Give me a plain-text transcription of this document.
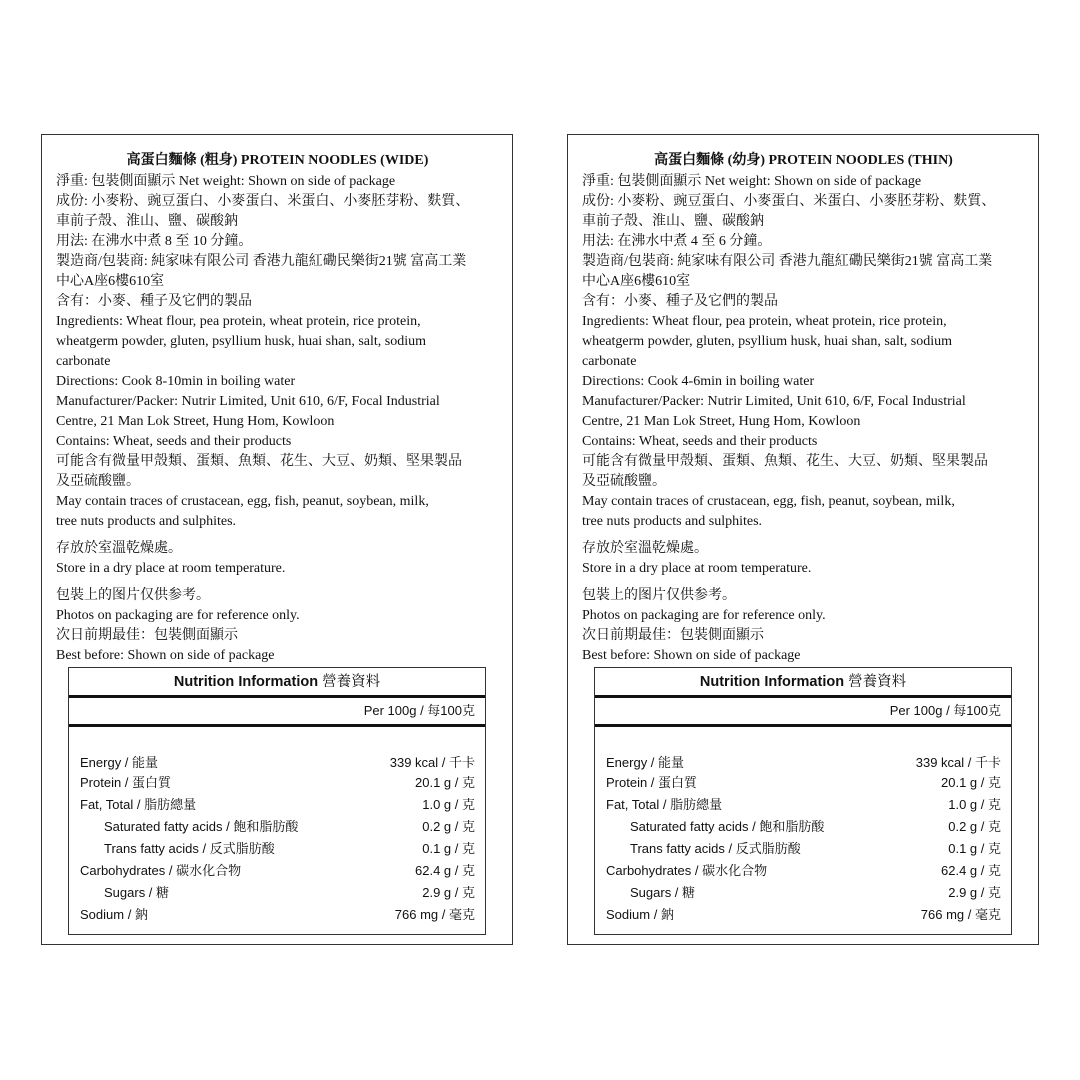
高蛋白麵條 (粗身) PROTEIN NOODLES (WIDE)
淨重: 包裝側面顯示 Net weight: Shown on side of package
成份: 小麥粉、豌豆蛋白、小麥蛋白、米蛋白、小麥胚芽粉、麩質、
車前子殼、淮山、鹽、碳酸鈉
用法: 在沸水中煮 8 至 10 分鐘。
製造商/包裝商: 純家味有限公司 香港九龍紅磡民樂街21號 富高工業
中心A座6樓610室
含有：小麥、種子及它們的製品
Ingredients: Wheat flour, pea protein, wheat protein, rice protein,
wheatgerm powder, gluten, psyllium husk, huai shan, salt, sodium
carbonate
Directions: Cook 8-10min in boiling water
Manufacturer/Packer: Nutrir Limited, Unit 610, 6/F, Focal Industrial
Centre, 21 Man Lok Street, Hung Hom, Kowloon
Contains: Wheat, seeds and their products
可能含有微量甲殼類、蛋類、魚類、花生、大豆、奶類、堅果製品
及亞硫酸鹽。
May contain traces of crustacean, egg, fish, peanut, soybean, milk,
tree nuts products and sulphites.
存放於室溫乾燥處。
Store in a dry place at room temperature.
包裝上的图片仅供参考。
Photos on packaging are for reference only.
次日前期最佳：包裝側面顯示
Best before: Shown on side of package
Nutrition Information 營養資料
Per 100g / 每100克
Energy / 能量	339 kcal / 千卡
Protein / 蛋白質	20.1 g / 克
Fat, Total / 脂肪總量	1.0 g / 克
Saturated fatty acids / 飽和脂肪酸	0.2 g / 克
Trans fatty acids / 反式脂肪酸	0.1 g / 克
Carbohydrates / 碳水化合物	62.4 g / 克
Sugars / 糖	2.9 g / 克
Sodium / 鈉	766 mg / 毫克
高蛋白麵條 (幼身) PROTEIN NOODLES (THIN)
淨重: 包裝側面顯示 Net weight: Shown on side of package
成份: 小麥粉、豌豆蛋白、小麥蛋白、米蛋白、小麥胚芽粉、麩質、
車前子殼、淮山、鹽、碳酸鈉
用法: 在沸水中煮 4 至 6 分鐘。
製造商/包裝商: 純家味有限公司 香港九龍紅磡民樂街21號 富高工業
中心A座6樓610室
含有：小麥、種子及它們的製品
Ingredients: Wheat flour, pea protein, wheat protein, rice protein,
wheatgerm powder, gluten, psyllium husk, huai shan, salt, sodium
carbonate
Directions: Cook 4-6min in boiling water
Manufacturer/Packer: Nutrir Limited, Unit 610, 6/F, Focal Industrial
Centre, 21 Man Lok Street, Hung Hom, Kowloon
Contains: Wheat, seeds and their products
可能含有微量甲殼類、蛋類、魚類、花生、大豆、奶類、堅果製品
及亞硫酸鹽。
May contain traces of crustacean, egg, fish, peanut, soybean, milk,
tree nuts products and sulphites.
存放於室溫乾燥處。
Store in a dry place at room temperature.
包裝上的图片仅供参考。
Photos on packaging are for reference only.
次日前期最佳：包裝側面顯示
Best before: Shown on side of package
Nutrition Information 營養資料
Per 100g / 每100克
Energy / 能量	339 kcal / 千卡
Protein / 蛋白質	20.1 g / 克
Fat, Total / 脂肪總量	1.0 g / 克
Saturated fatty acids / 飽和脂肪酸	0.2 g / 克
Trans fatty acids / 反式脂肪酸	0.1 g / 克
Carbohydrates / 碳水化合物	62.4 g / 克
Sugars / 糖	2.9 g / 克
Sodium / 鈉	766 mg / 毫克
